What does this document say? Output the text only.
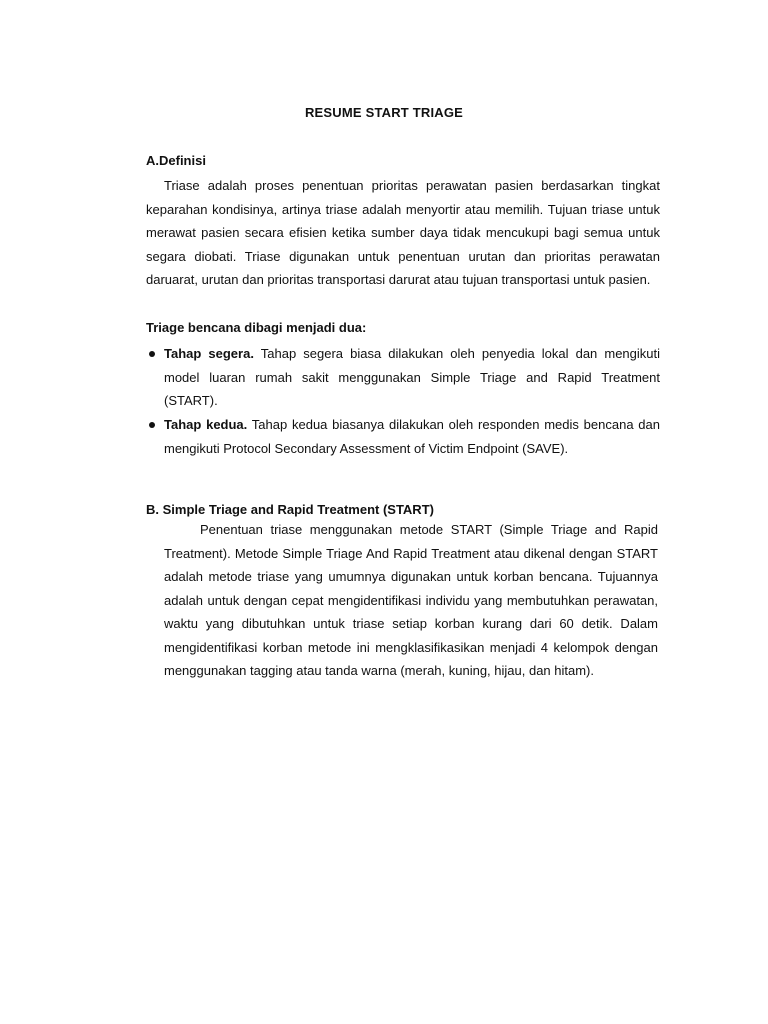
RESUME START TRIAGE
A.Definisi
Triase adalah proses penentuan prioritas perawatan pasien berdasarkan tingkat keparahan kondisinya, artinya triase adalah menyortir atau memilih. Tujuan triase untuk merawat pasien secara efisien ketika sumber daya tidak mencukupi bagi semua untuk segara diobati. Triase digunakan untuk penentuan urutan dan prioritas perawatan daruarat, urutan dan prioritas transportasi darurat atau tujuan transportasi untuk pasien.
Triage bencana dibagi menjadi dua:
Tahap segera. Tahap segera biasa dilakukan oleh penyedia lokal dan mengikuti model luaran rumah sakit menggunakan Simple Triage and Rapid Treatment (START).
Tahap kedua. Tahap kedua biasanya dilakukan oleh responden medis bencana dan mengikuti Protocol Secondary Assessment of Victim Endpoint (SAVE).
B. Simple Triage and Rapid Treatment (START)
Penentuan triase menggunakan metode START (Simple Triage and Rapid Treatment). Metode Simple Triage And Rapid Treatment atau dikenal dengan START adalah metode triase yang umumnya digunakan untuk korban bencana. Tujuannya adalah untuk dengan cepat mengidentifikasi individu yang membutuhkan perawatan, waktu yang dibutuhkan untuk triase setiap korban kurang dari 60 detik. Dalam mengidentifikasi korban metode ini mengklasifikasikan menjadi 4 kelompok dengan menggunakan tagging atau tanda warna (merah, kuning, hijau, dan hitam).
